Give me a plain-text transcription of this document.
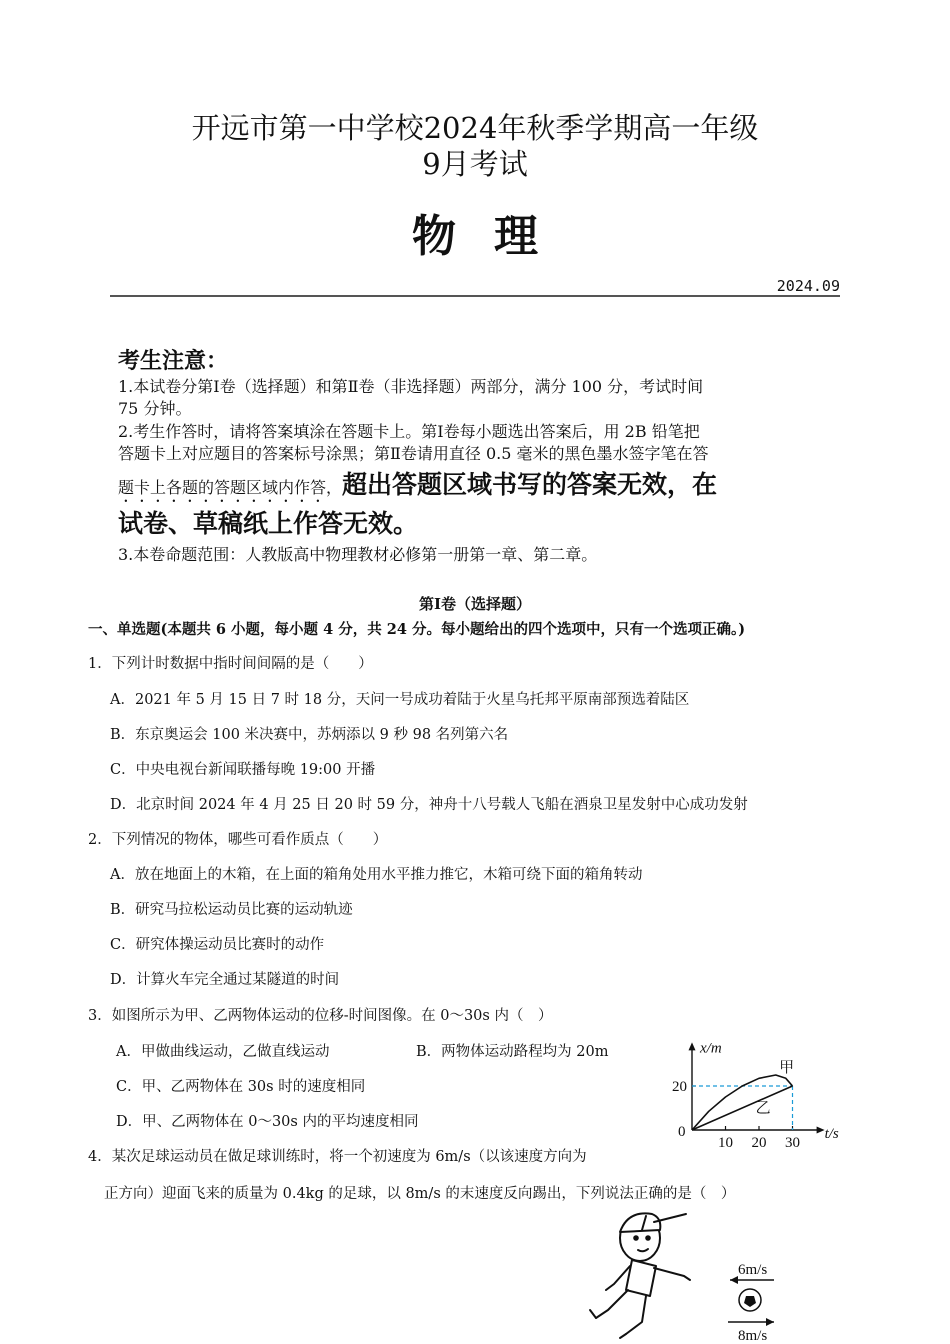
开远市第一中学校2024年秋季学期高一年级
9月考试
物理
2024.09
考生注意：
1.本试卷分第Ⅰ卷（选择题）和第Ⅱ卷（非选择题）两部分，满分 100 分，考试时间
75 分钟。
2.考生作答时，请将答案填涂在答题卡上。第Ⅰ卷每小题选出答案后，用 2B 铅笔把
答题卡上对应题目的答案标号涂黑；第Ⅱ卷请用直径 0.5 毫米的黑色墨水签字笔在答
题卡上各题的答题区域内作答，超出答题区域书写的答案无效，在
试卷、草稿纸上作答无效。
3.本卷命题范围：人教版高中物理教材必修第一册第一章、第二章。
第Ⅰ卷（选择题）
一、单选题(本题共 6 小题，每小题 4 分，共 24 分。每小题给出的四个选项中，只有一个选项正确。)
1．下列计时数据中指时间间隔的是（　　）
A．2021 年 5 月 15 日 7 时 18 分，天问一号成功着陆于火星乌托邦平原南部预选着陆区
B．东京奥运会 100 米决赛中，苏炳添以 9 秒 98 名列第六名
C．中央电视台新闻联播每晚 19:00 开播
D．北京时间 2024 年 4 月 25 日 20 时 59 分，神舟十八号载人飞船在酒泉卫星发射中心成功发射
2．下列情况的物体，哪些可看作质点（　　）
A．放在地面上的木箱，在上面的箱角处用水平推力推它，木箱可绕下面的箱角转动
B．研究马拉松运动员比赛的运动轨迹
C．研究体操运动员比赛时的动作
D．计算火车完全通过某隧道的时间
3．如图所示为甲、乙两物体运动的位移-时间图像。在 0～30s 内（　）
A．甲做曲线运动，乙做直线运动	B．两物体运动路程均为 20m
C．甲、乙两物体在 30s 时的速度相同
D．甲、乙两物体在 0～30s 内的平均速度相同
x/m
t/s
0
10 20 30
20
甲
乙
4．某次足球运动员在做足球训练时，将一个初速度为 6m/s（以该速度方向为
正方向）迎面飞来的质量为 0.4kg 的足球，以 8m/s 的末速度反向踢出，下列说法正确的是（　）
6m/s
8m/s
